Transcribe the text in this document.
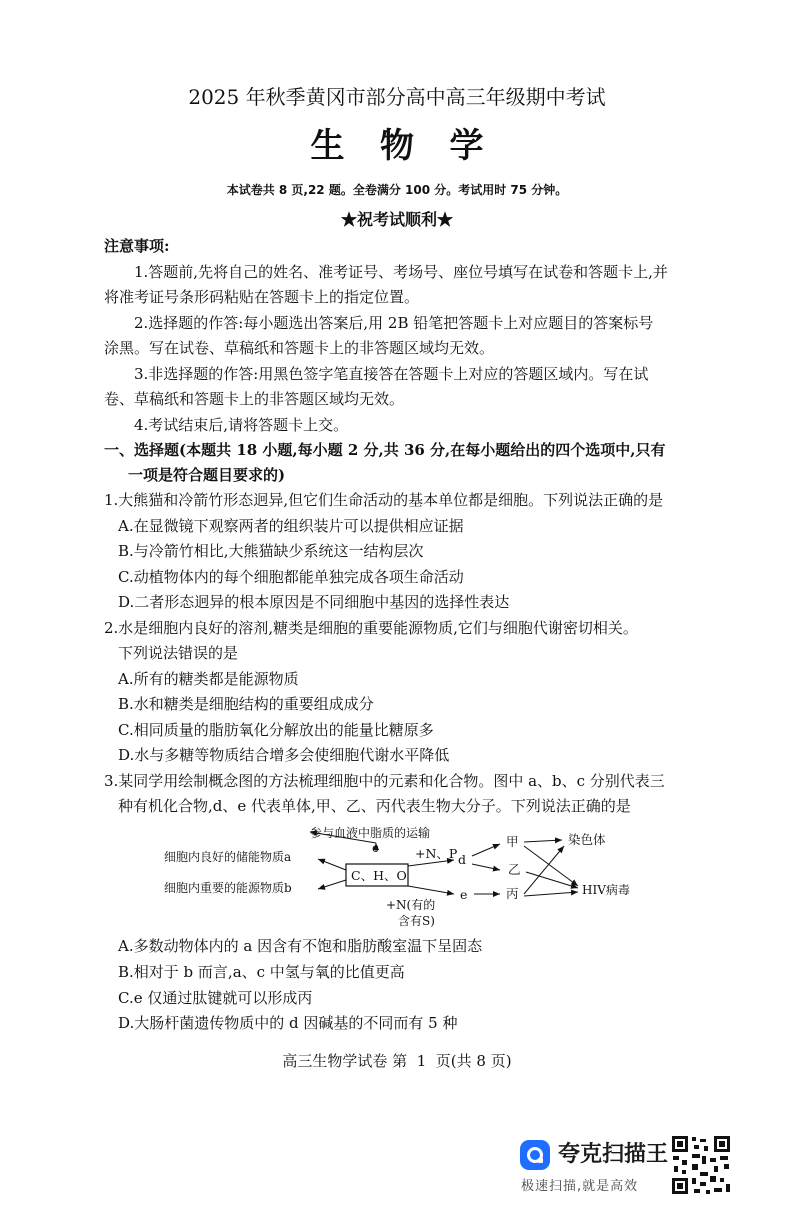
2025 年秋季黄冈市部分高中高三年级期中考试
生   物   学
本试卷共 8 页,22 题。全卷满分 100 分。考试用时 75 分钟。
★祝考试顺利★
注意事项:
1.答题前,先将自己的姓名、准考证号、考场号、座位号填写在试卷和答题卡上,并
将准考证号条形码粘贴在答题卡上的指定位置。
2.选择题的作答:每小题选出答案后,用 2B 铅笔把答题卡上对应题目的答案标号
涂黑。写在试卷、草稿纸和答题卡上的非答题区域均无效。
3.非选择题的作答:用黑色签字笔直接答在答题卡上对应的答题区域内。写在试
卷、草稿纸和答题卡上的非答题区域均无效。
4.考试结束后,请将答题卡上交。
一、选择题(本题共 18 小题,每小题 2 分,共 36 分,在每小题给出的四个选项中,只有
一项是符合题目要求的)
1.大熊猫和冷箭竹形态迥异,但它们生命活动的基本单位都是细胞。下列说法正确的是
A.在显微镜下观察两者的组织装片可以提供相应证据
B.与冷箭竹相比,大熊猫缺少系统这一结构层次
C.动植物体内的每个细胞都能单独完成各项生命活动
D.二者形态迥异的根本原因是不同细胞中基因的选择性表达
2.水是细胞内良好的溶剂,糖类是细胞的重要能源物质,它们与细胞代谢密切相关。
下列说法错误的是
A.所有的糖类都是能源物质
B.水和糖类是细胞结构的重要组成成分
C.相同质量的脂肪氧化分解放出的能量比糖原多
D.水与多糖等物质结合增多会使细胞代谢水平降低
3.某同学用绘制概念图的方法梳理细胞中的元素和化合物。图中 a、b、c 分别代表三
种有机化合物,d、e 代表单体,甲、乙、丙代表生物大分子。下列说法正确的是
参与血液中脂质的运输
c
细胞内良好的储能物质a
细胞内重要的能源物质b
C、H、O
+N、P d
e
+N(有的
含有S)
甲
乙
丙
染色体
HIV病毒
A.多数动物体内的 a 因含有不饱和脂肪酸室温下呈固态
B.相对于 b 而言,a、c 中氢与氧的比值更高
C.e 仅通过肽键就可以形成丙
D.大肠杆菌遗传物质中的 d 因碱基的不同而有 5 种
高三生物学试卷 第  1  页(共 8 页)
夸克扫描王
极速扫描,就是高效
